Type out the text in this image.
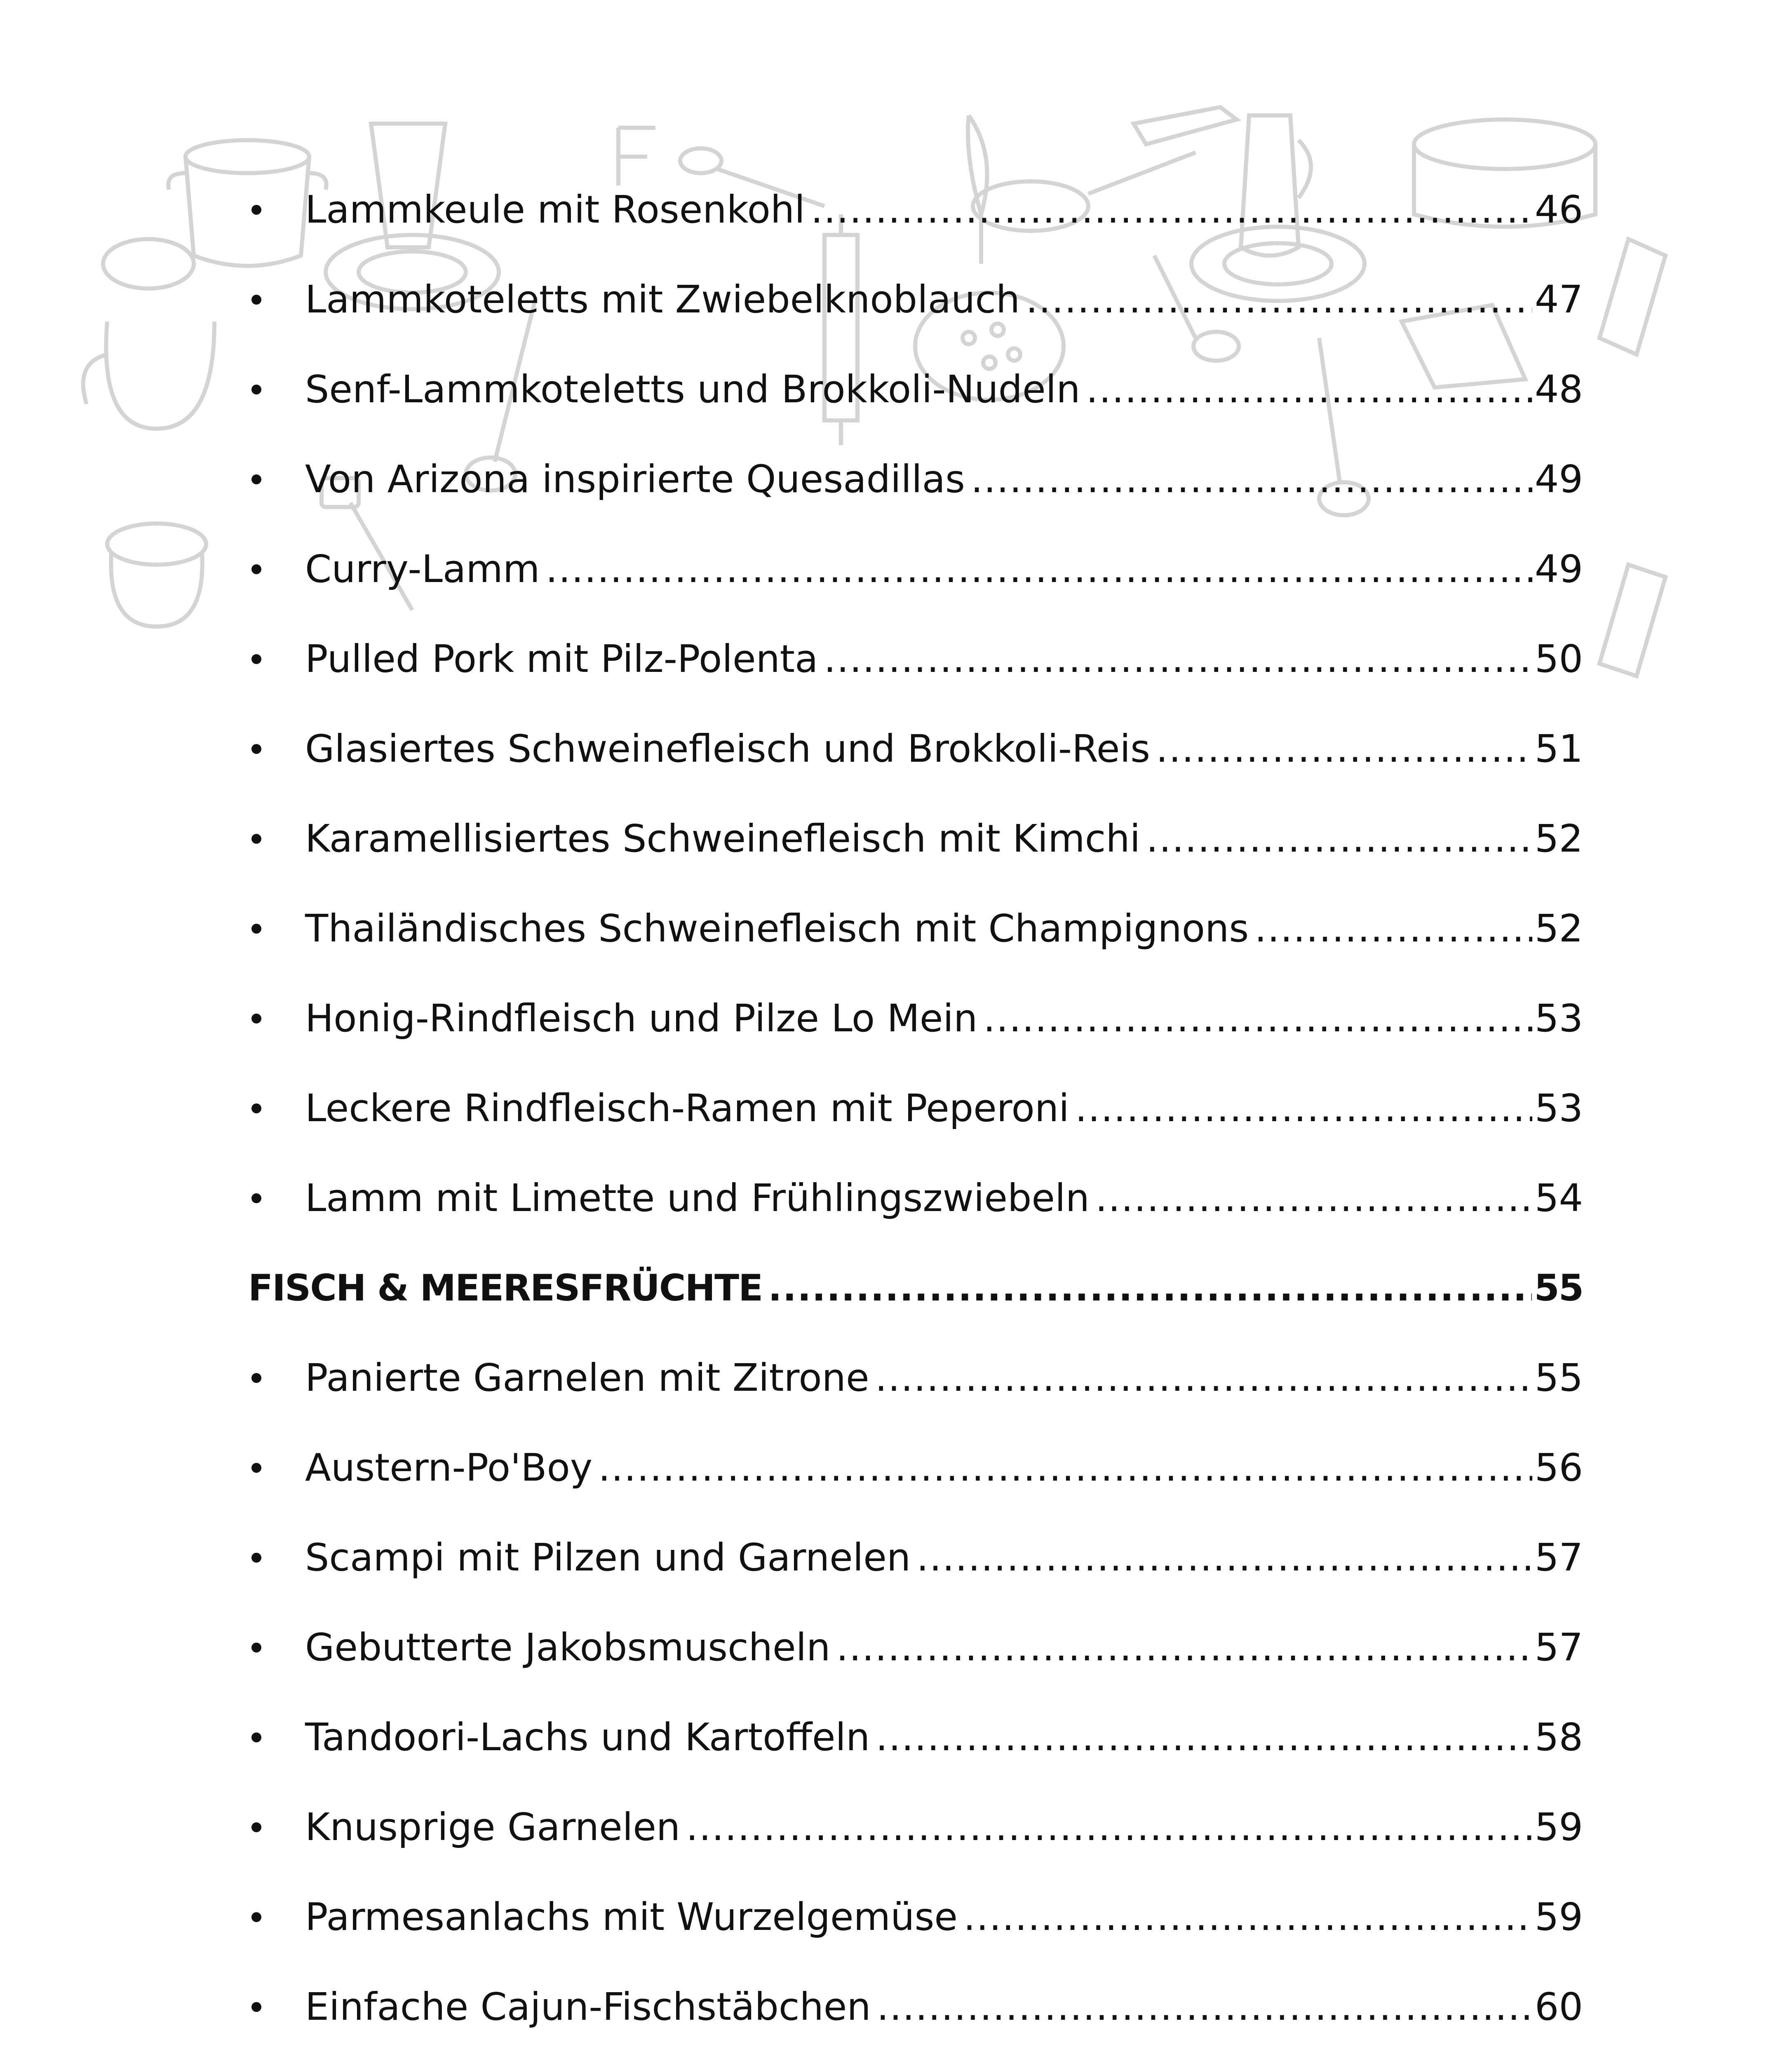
Lammkeule mit Rosenkohl .....	46
Lammkoteletts mit Zwiebelknoblauch .....	47
Senf-Lammkoteletts und Brokkoli-Nudeln .....	48
Von Arizona inspirierte Quesadillas .....	49
Curry-Lamm .....	49
Pulled Pork mit Pilz-Polenta .....	50
Glasiertes Schweinefleisch und Brokkoli-Reis .....	51
Karamellisiertes Schweinefleisch mit Kimchi .....	52
Thailändisches Schweinefleisch mit Champignons .....	52
Honig-Rindfleisch und Pilze Lo Mein .....	53
Leckere Rindfleisch-Ramen mit Peperoni .....	53
Lamm mit Limette und Frühlingszwiebeln .....	54
FISCH & MEERESFRÜCHTE .....	55
Panierte Garnelen mit Zitrone .....	55
Austern-Po'Boy .....	56
Scampi mit Pilzen und Garnelen .....	57
Gebutterte Jakobsmuscheln .....	57
Tandoori-Lachs und Kartoffeln .....	58
Knusprige Garnelen .....	59
Parmesanlachs mit Wurzelgemüse .....	59
Einfache Cajun-Fischstäbchen .....	60
